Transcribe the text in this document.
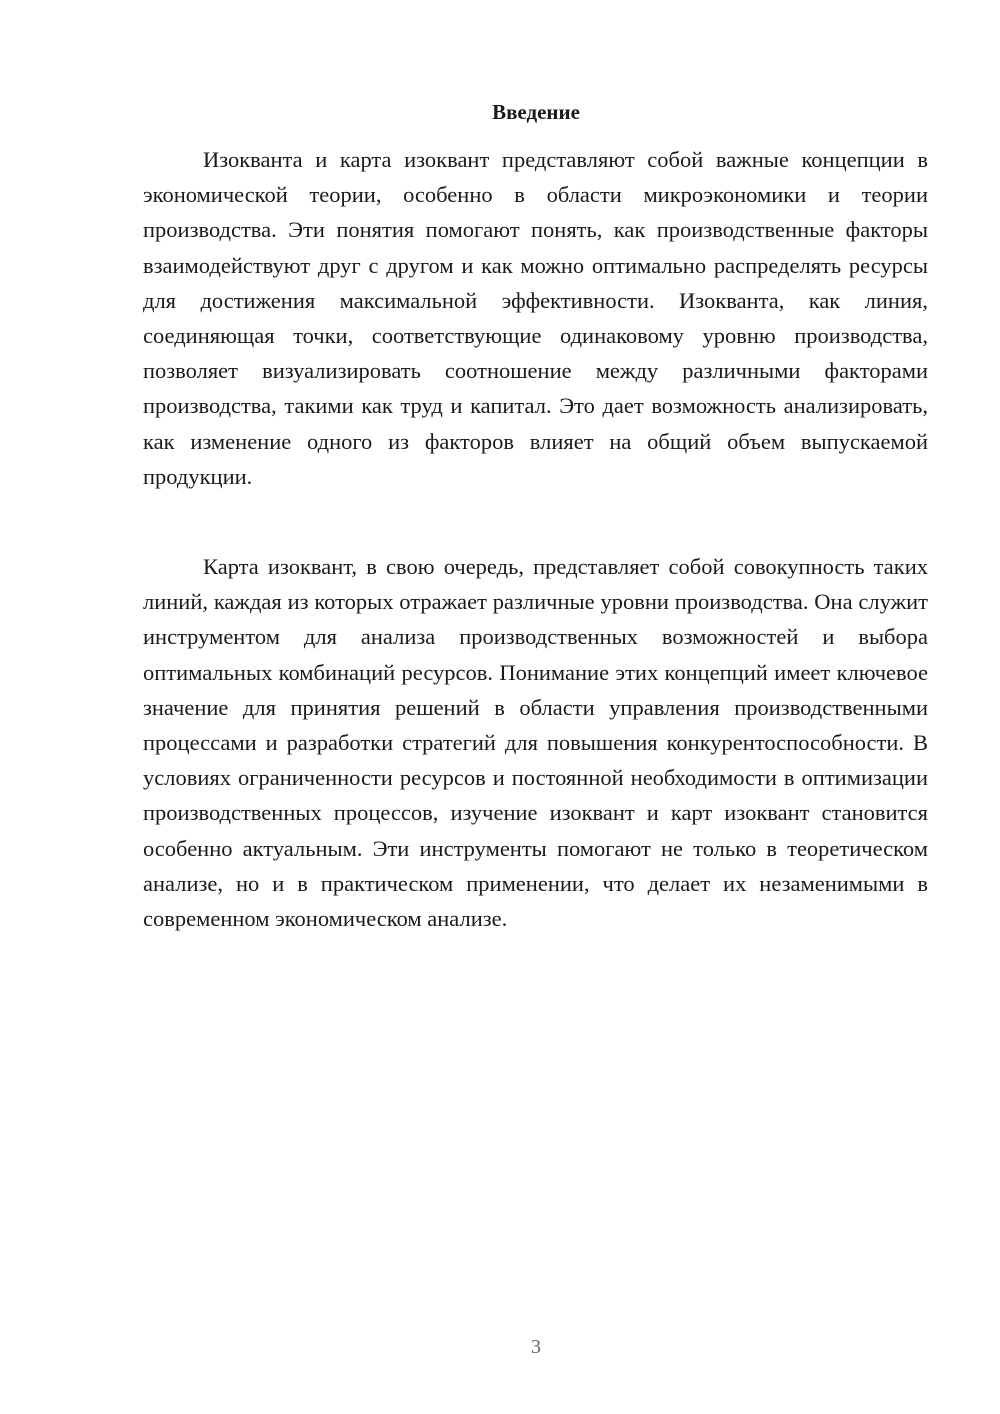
Введение

Изокванта и карта изоквант представляют собой важные концепции в экономической теории, особенно в области микроэкономики и теории производства. Эти понятия помогают понять, как производственные факторы взаимодействуют друг с другом и как можно оптимально распределять ресурсы для достижения максимальной эффективности. Изокванта, как линия, соединяющая точки, соответствующие одинаковому уровню производства, позволяет визуализировать соотношение между различными факторами производства, такими как труд и капитал. Это дает возможность анализировать, как изменение одного из факторов влияет на общий объем выпускаемой продукции.

Карта изоквант, в свою очередь, представляет собой совокупность таких линий, каждая из которых отражает различные уровни производства. Она служит инструментом для анализа производственных возможностей и выбора оптимальных комбинаций ресурсов. Понимание этих концепций имеет ключевое значение для принятия решений в области управления производственными процессами и разработки стратегий для повышения конкурентоспособности. В условиях ограниченности ресурсов и постоянной необходимости в оптимизации производственных процессов, изучение изоквант и карт изоквант становится особенно актуальным. Эти инструменты помогают не только в теоретическом анализе, но и в практическом применении, что делает их незаменимыми в современном экономическом анализе.

3
